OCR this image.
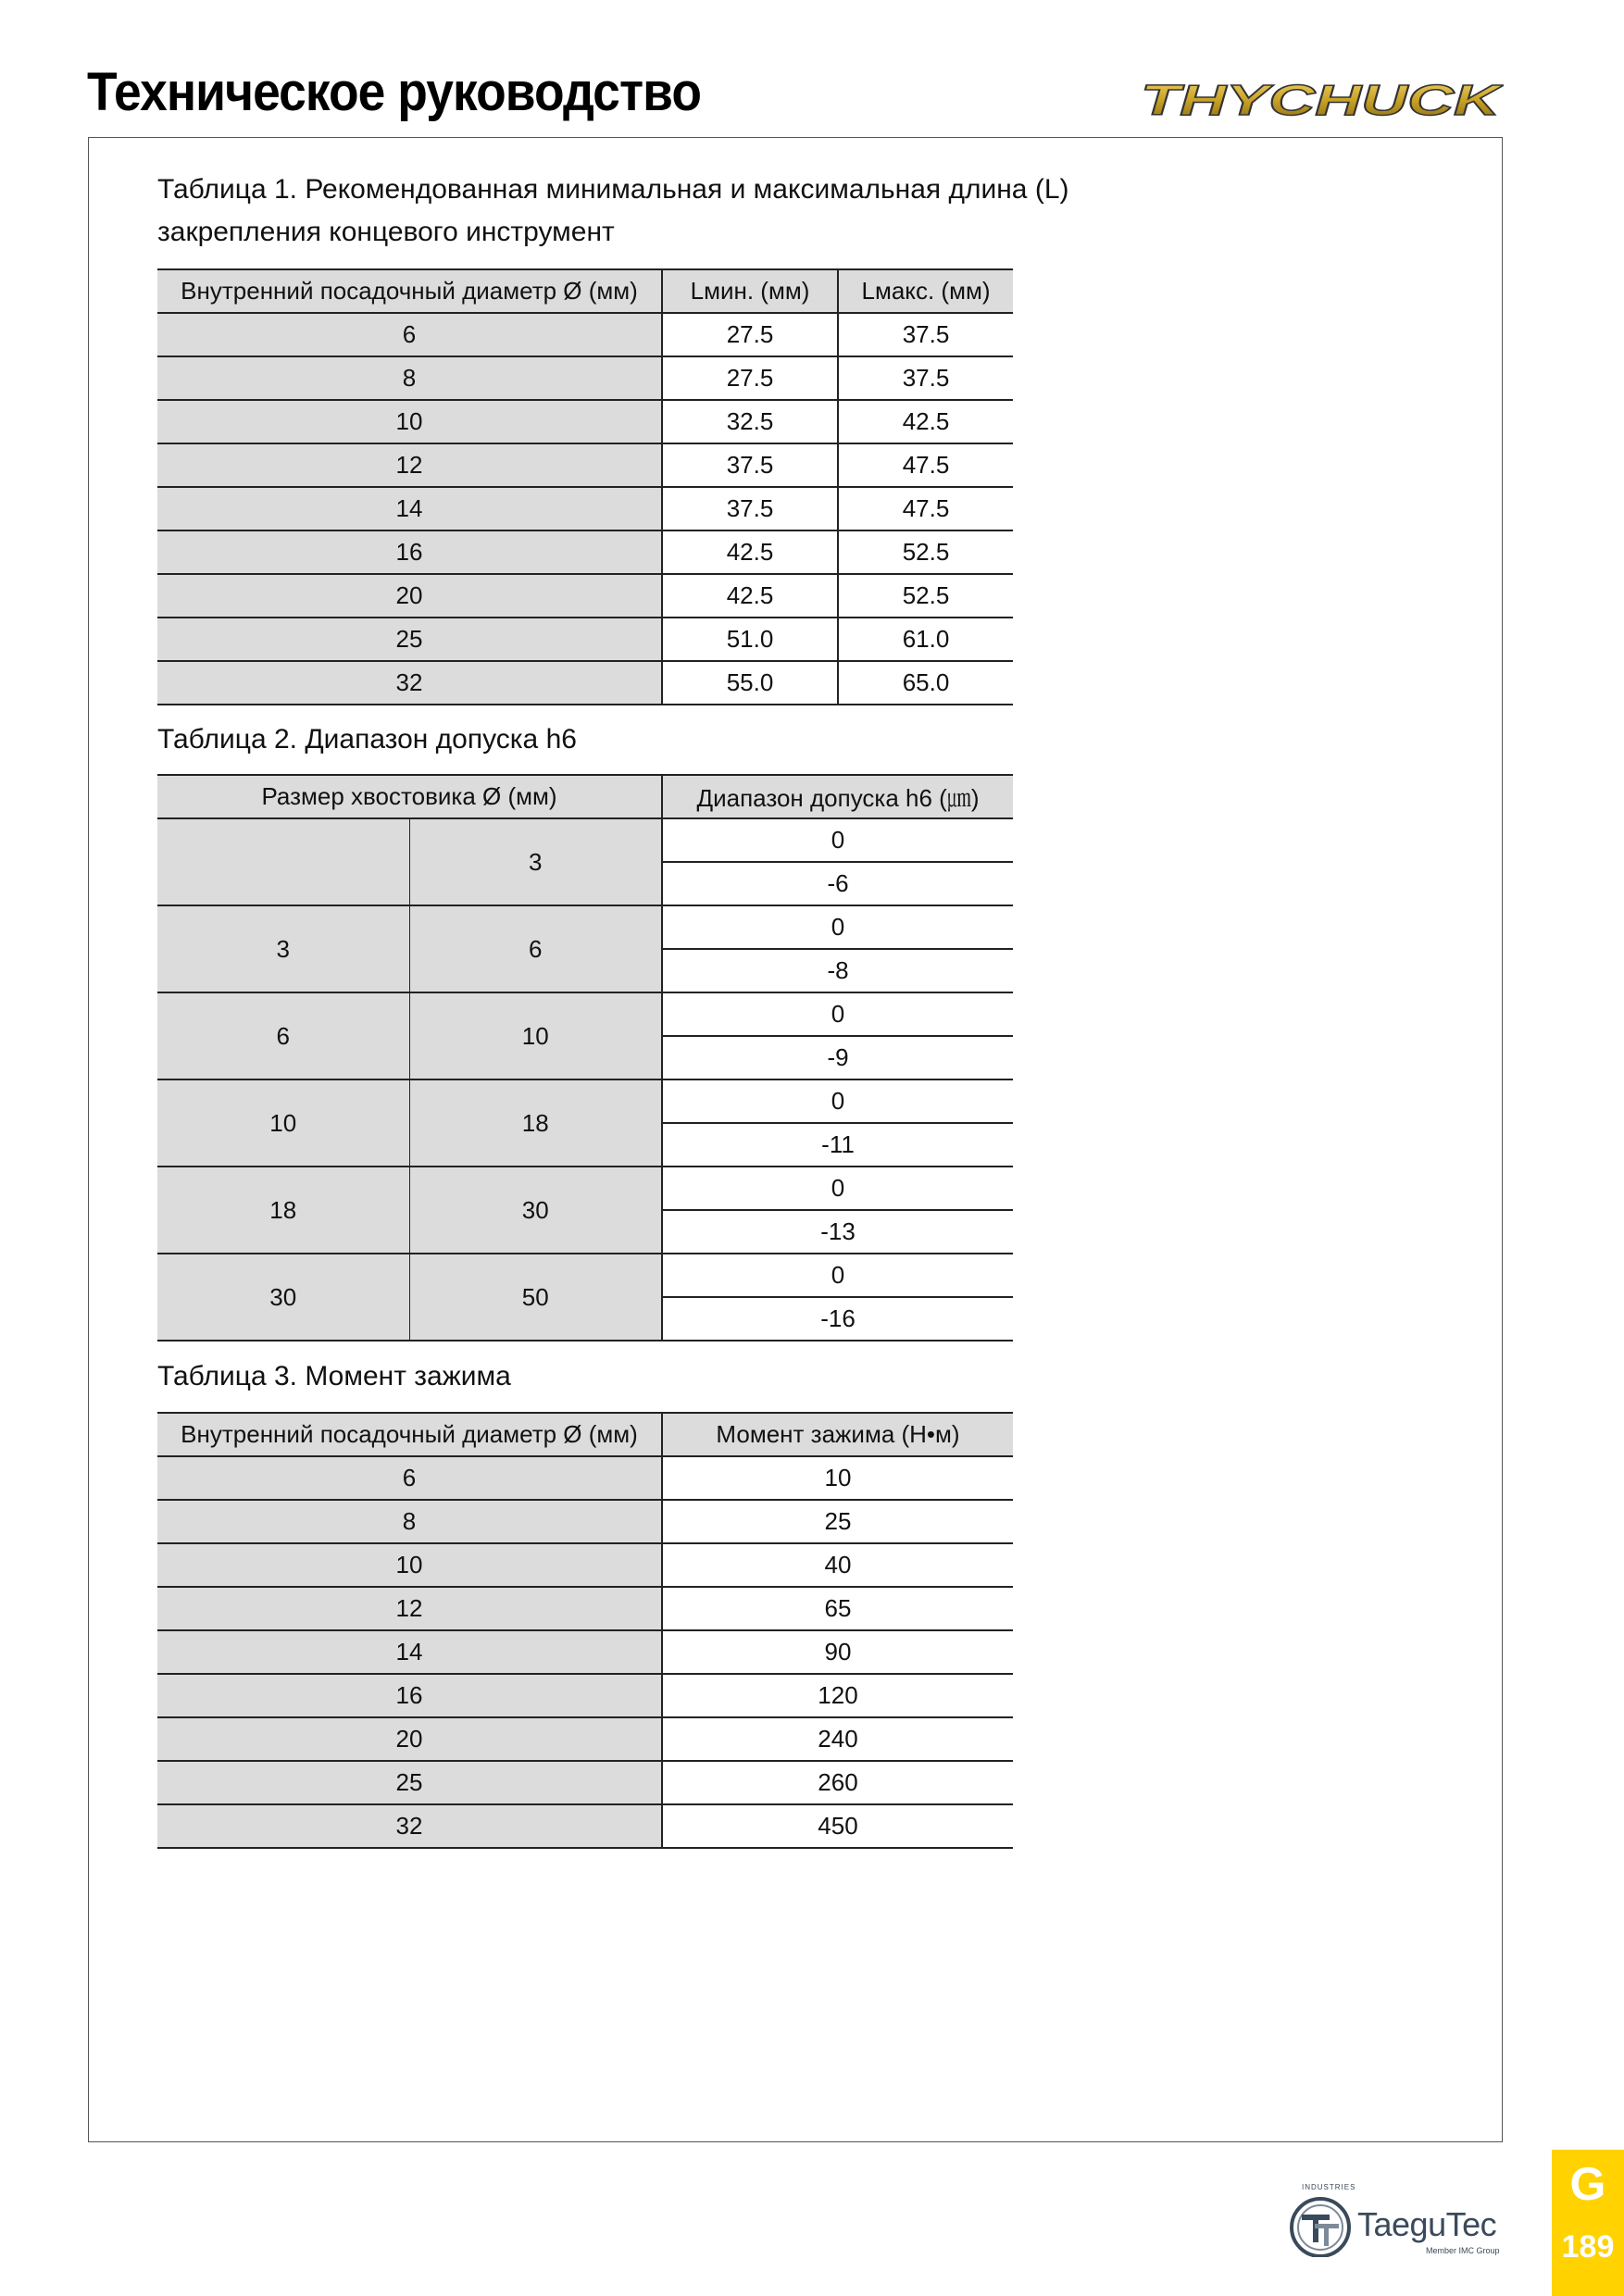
Техническое руководство	THYCHUCK
Таблица 1. Рекомендованная минимальная и максимальная длина (L)
закрепления концевого инструмент
Внутренний посадочный диаметр Ø (мм)	Lмин. (мм)	Lмакс. (мм)
6	27.5	37.5
8	27.5	37.5
10	32.5	42.5
12	37.5	47.5
14	37.5	47.5
16	42.5	52.5
20	42.5	52.5
25	51.0	61.0
32	55.0	65.0
Таблица 2. Диапазон допуска h6
Размер хвостовика Ø (мм)		Диапазон допуска h6 (㎛)
	3	0
		-6
3	6	0
		-8
6	10	0
		-9
10	18	0
		-11
18	30	0
		-13
30	50	0
		-16
Таблица 3. Момент зажима
Внутренний посадочный диаметр Ø (мм)	Момент зажима (Н•м)
6	10
8	25
10	40
12	65
14	90
16	120
20	240
25	260
32	450
INDUSTRIES
TaeguTec
Member IMC Group
G
189
